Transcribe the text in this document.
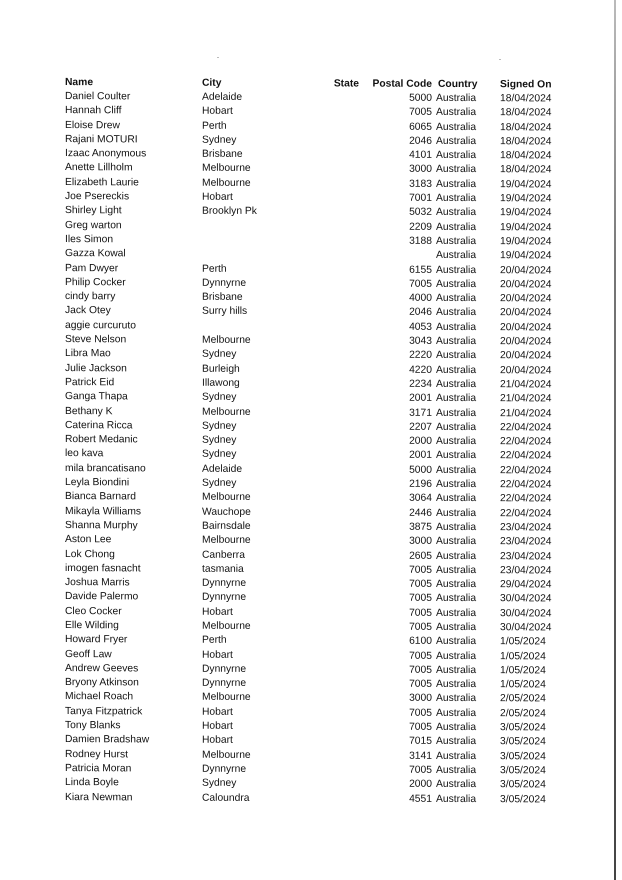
Name	City	State	Postal Code	Country	Signed On
Daniel Coulter	Adelaide		5000	Australia	18/04/2024
Hannah Cliff	Hobart		7005	Australia	18/04/2024
Eloise Drew	Perth		6065	Australia	18/04/2024
Rajani MOTURI	Sydney		2046	Australia	18/04/2024
Izaac Anonymous	Brisbane		4101	Australia	18/04/2024
Anette Lillholm	Melbourne		3000	Australia	18/04/2024
Elizabeth Laurie	Melbourne		3183	Australia	19/04/2024
Joe Psereckis	Hobart		7001	Australia	19/04/2024
Shirley Light	Brooklyn Pk		5032	Australia	19/04/2024
Greg warton			2209	Australia	19/04/2024
Iles Simon			3188	Australia	19/04/2024
Gazza Kowal				Australia	19/04/2024
Pam Dwyer	Perth		6155	Australia	20/04/2024
Philip Cocker	Dynnyrne		7005	Australia	20/04/2024
cindy barry	Brisbane		4000	Australia	20/04/2024
Jack Otey	Surry hills		2046	Australia	20/04/2024
aggie curcuruto			4053	Australia	20/04/2024
Steve Nelson	Melbourne		3043	Australia	20/04/2024
Libra Mao	Sydney		2220	Australia	20/04/2024
Julie Jackson	Burleigh		4220	Australia	20/04/2024
Patrick Eid	Illawong		2234	Australia	21/04/2024
Ganga Thapa	Sydney		2001	Australia	21/04/2024
Bethany K	Melbourne		3171	Australia	21/04/2024
Caterina Ricca	Sydney		2207	Australia	22/04/2024
Robert Medanic	Sydney		2000	Australia	22/04/2024
leo kava	Sydney		2001	Australia	22/04/2024
mila brancatisano	Adelaide		5000	Australia	22/04/2024
Leyla Biondini	Sydney		2196	Australia	22/04/2024
Bianca Barnard	Melbourne		3064	Australia	22/04/2024
Mikayla Williams	Wauchope		2446	Australia	22/04/2024
Shanna Murphy	Bairnsdale		3875	Australia	23/04/2024
Aston Lee	Melbourne		3000	Australia	23/04/2024
Lok Chong	Canberra		2605	Australia	23/04/2024
imogen fasnacht	tasmania		7005	Australia	23/04/2024
Joshua Marris	Dynnyrne		7005	Australia	29/04/2024
Davide Palermo	Dynnyrne		7005	Australia	30/04/2024
Cleo Cocker	Hobart		7005	Australia	30/04/2024
Elle Wilding	Melbourne		7005	Australia	30/04/2024
Howard Fryer	Perth		6100	Australia	1/05/2024
Geoff Law	Hobart		7005	Australia	1/05/2024
Andrew Geeves	Dynnyrne		7005	Australia	1/05/2024
Bryony Atkinson	Dynnyrne		7005	Australia	1/05/2024
Michael Roach	Melbourne		3000	Australia	2/05/2024
Tanya Fitzpatrick	Hobart		7005	Australia	2/05/2024
Tony Blanks	Hobart		7005	Australia	3/05/2024
Damien Bradshaw	Hobart		7015	Australia	3/05/2024
Rodney Hurst	Melbourne		3141	Australia	3/05/2024
Patricia Moran	Dynnyrne		7005	Australia	3/05/2024
Linda Boyle	Sydney		2000	Australia	3/05/2024
Kiara Newman	Caloundra		4551	Australia	3/05/2024
